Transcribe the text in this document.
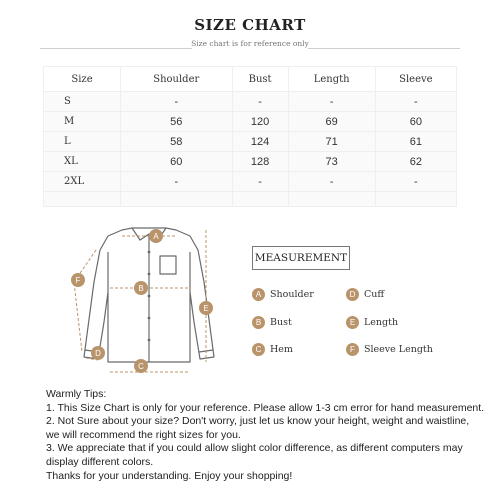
SIZE CHART
Size chart is for reference only
Size	Shoulder	Bust	Length	Sleeve
S	-	-	-	-
M	56	120	69	60
L	58	124	71	61
XL	60	128	73	62
2XL	-	-	-	-

A
B
C
D
E
F
MEASUREMENT
A Shoulder	D Cuff
B Bust	E Length
C Hem	F Sleeve Length
Warmly Tips:
1. This Size Chart is only for your reference. Please allow 1-3 cm error for hand measurement.
2. Not Sure about your size? Don't worry, just let us know your height, weight and waistline,
we will recommend the right sizes for you.
3. We appreciate that if you could allow slight color difference, as different computers may
display different colors.
Thanks for your understanding. Enjoy your shopping!
